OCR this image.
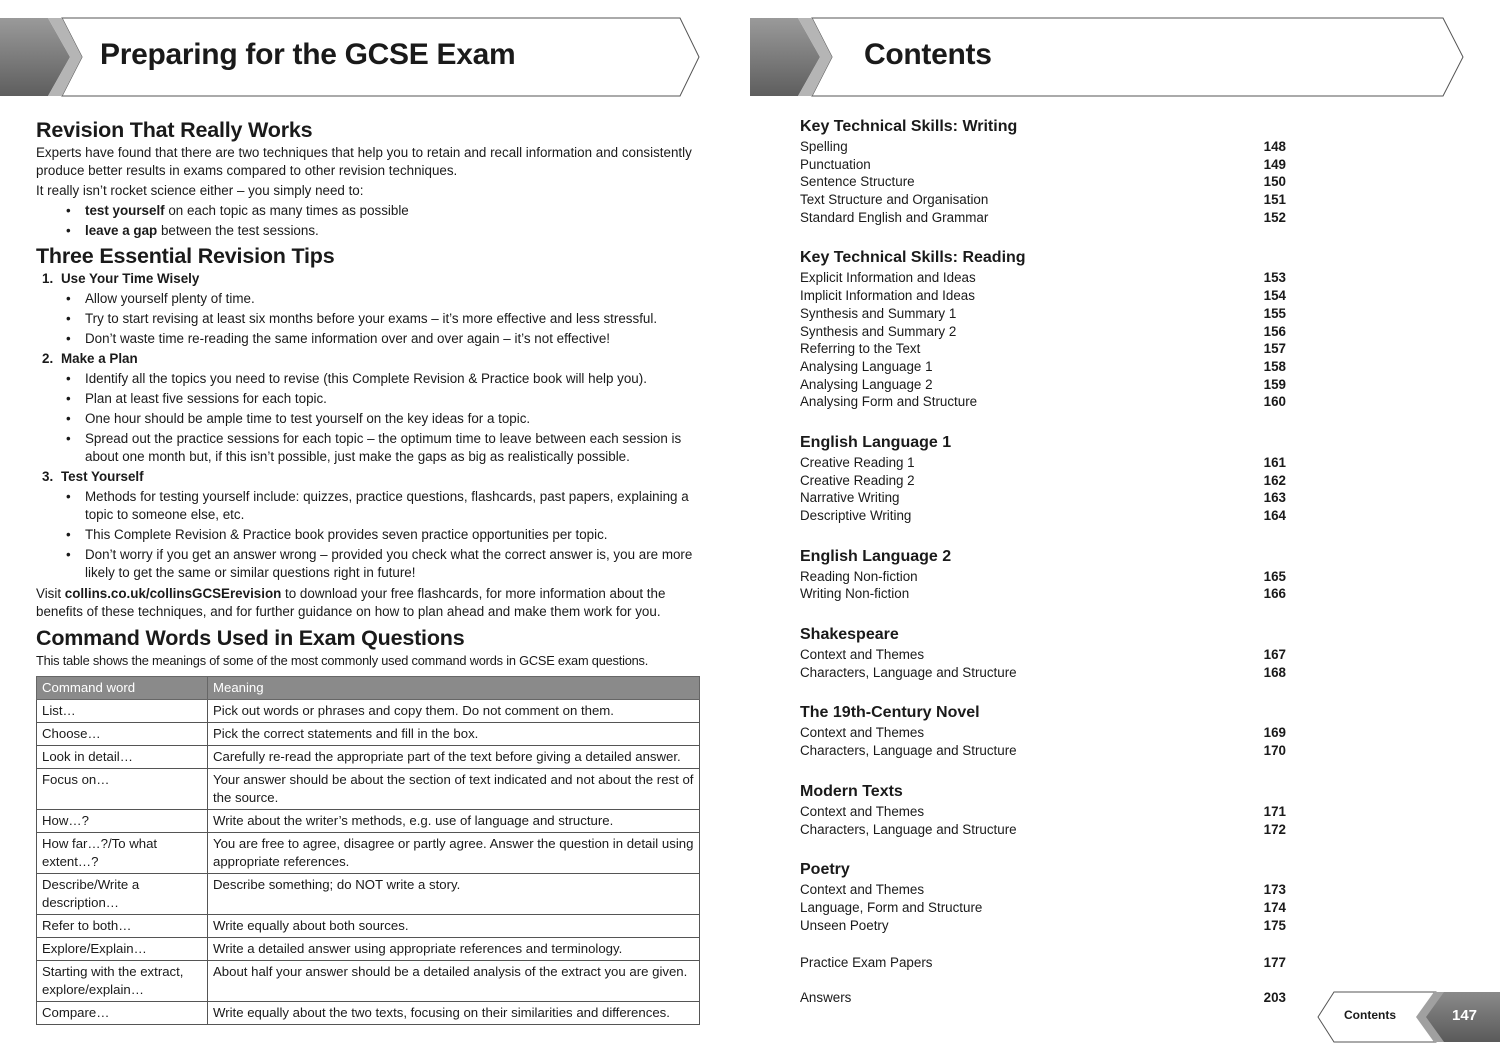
Preparing for the GCSE Exam	Contents
Revision That Really Works

Experts have found that there are two techniques that help you to retain and recall information and consistently produce better results in exams compared to other revision techniques.

It really isn’t rocket science either – you simply need to:

• test yourself on each topic as many times as possible
• leave a gap between the test sessions.
Three Essential Revision Tips
1. Use Your Time Wisely
• Allow yourself plenty of time.
• Try to start revising at least six months before your exams – it’s more effective and less stressful.
• Don’t waste time re-reading the same information over and over again – it’s not effective!
2. Make a Plan
• Identify all the topics you need to revise (this Complete Revision & Practice book will help you).
• Plan at least five sessions for each topic.
• One hour should be ample time to test yourself on the key ideas for a topic.
• Spread out the practice sessions for each topic – the optimum time to leave between each session is about one month but, if this isn’t possible, just make the gaps as big as realistically possible.
3. Test Yourself
• Methods for testing yourself include: quizzes, practice questions, flashcards, past papers, explaining a topic to someone else, etc.
• This Complete Revision & Practice book provides seven practice opportunities per topic.
• Don’t worry if you get an answer wrong – provided you check what the correct answer is, you are more likely to get the same or similar questions right in future!

Visit collins.co.uk/collinsGCSErevision to download your free flashcards, for more information about the benefits of these techniques, and for further guidance on how to plan ahead and make them work for you.

Command Words Used in Exam Questions

This table shows the meanings of some of the most commonly used command words in GCSE exam questions.

Command word	Meaning
List…	Pick out words or phrases and copy them. Do not comment on them.
Choose…	Pick the correct statements and fill in the box.
Look in detail…	Carefully re-read the appropriate part of the text before giving a detailed answer.
Focus on…	Your answer should be about the section of text indicated and not about the rest of the source.
How…?	Write about the writer’s methods, e.g. use of language and structure.
How far…?/To what extent…?	You are free to agree, disagree or partly agree. Answer the question in detail using appropriate references.
Describe/Write a description…	Describe something; do NOT write a story.
Refer to both…	Write equally about both sources.
Explore/Explain…	Write a detailed answer using appropriate references and terminology.
Starting with the extract, explore/explain…	About half your answer should be a detailed analysis of the extract you are given.
Compare…	Write equally about the two texts, focusing on their similarities and differences.
Key Technical Skills: Writing
Spelling	148
Punctuation	149
Sentence Structure	150
Text Structure and Organisation	151
Standard English and Grammar	152
Key Technical Skills: Reading
Explicit Information and Ideas	153
Implicit Information and Ideas	154
Synthesis and Summary 1	155
Synthesis and Summary 2	156
Referring to the Text	157
Analysing Language 1	158
Analysing Language 2	159
Analysing Form and Structure	160
English Language 1
Creative Reading 1	161
Creative Reading 2	162
Narrative Writing	163
Descriptive Writing	164
English Language 2
Reading Non-fiction	165
Writing Non-fiction	166
Shakespeare
Context and Themes	167
Characters, Language and Structure	168
The 19th-Century Novel
Context and Themes	169
Characters, Language and Structure	170
Modern Texts
Context and Themes	171
Characters, Language and Structure	172
Poetry
Context and Themes	173
Language, Form and Structure	174
Unseen Poetry	175
Practice Exam Papers	177
Answers	203
Contents	147
